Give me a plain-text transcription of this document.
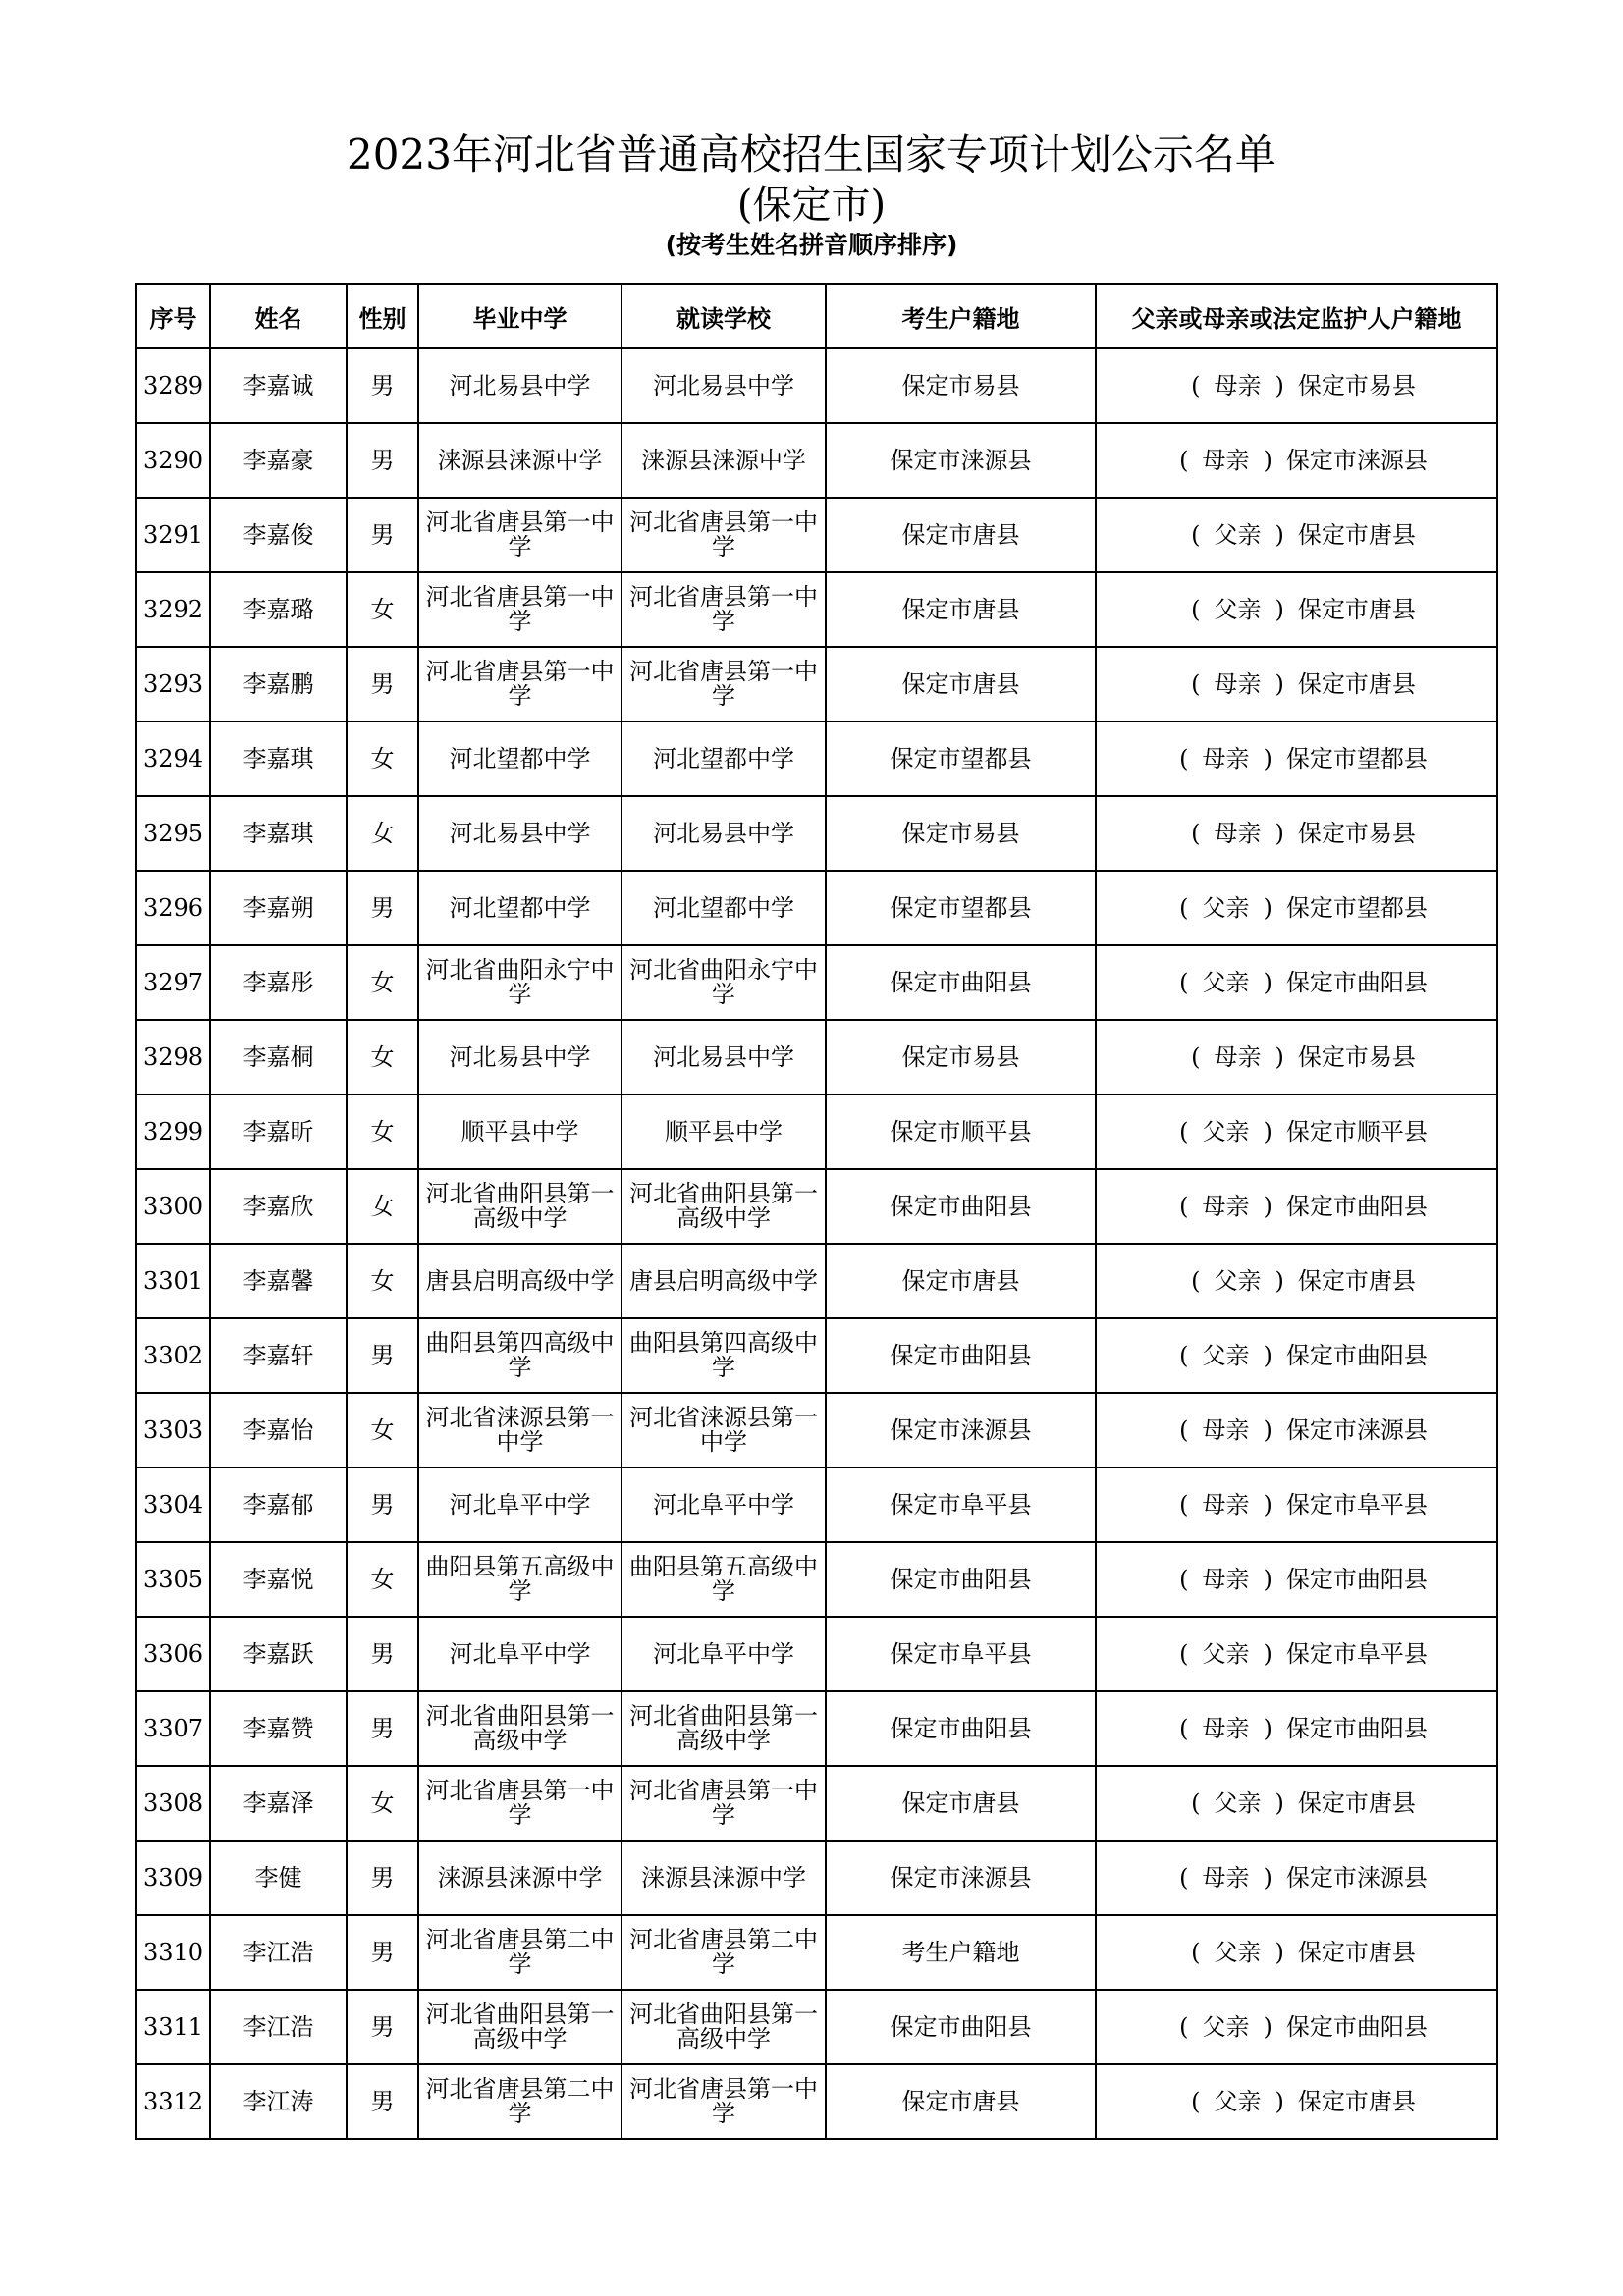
2023年河北省普通高校招生国家专项计划公示名单
(保定市)
(按考生姓名拼音顺序排序)
序号	姓名	性别	毕业中学	就读学校	考生户籍地	父亲或母亲或法定监护人户籍地
3289	李嘉诚	男	河北易县中学	河北易县中学	保定市易县	( 母亲 ) 保定市易县
3290	李嘉豪	男	涞源县涞源中学	涞源县涞源中学	保定市涞源县	( 母亲 ) 保定市涞源县
3291	李嘉俊	男	河北省唐县第一中学	河北省唐县第一中学	保定市唐县	( 父亲 ) 保定市唐县
3292	李嘉璐	女	河北省唐县第一中学	河北省唐县第一中学	保定市唐县	( 父亲 ) 保定市唐县
3293	李嘉鹏	男	河北省唐县第一中学	河北省唐县第一中学	保定市唐县	( 母亲 ) 保定市唐县
3294	李嘉琪	女	河北望都中学	河北望都中学	保定市望都县	( 母亲 ) 保定市望都县
3295	李嘉琪	女	河北易县中学	河北易县中学	保定市易县	( 母亲 ) 保定市易县
3296	李嘉朔	男	河北望都中学	河北望都中学	保定市望都县	( 父亲 ) 保定市望都县
3297	李嘉彤	女	河北省曲阳永宁中学	河北省曲阳永宁中学	保定市曲阳县	( 父亲 ) 保定市曲阳县
3298	李嘉桐	女	河北易县中学	河北易县中学	保定市易县	( 母亲 ) 保定市易县
3299	李嘉昕	女	顺平县中学	顺平县中学	保定市顺平县	( 父亲 ) 保定市顺平县
3300	李嘉欣	女	河北省曲阳县第一高级中学	河北省曲阳县第一高级中学	保定市曲阳县	( 母亲 ) 保定市曲阳县
3301	李嘉馨	女	唐县启明高级中学	唐县启明高级中学	保定市唐县	( 父亲 ) 保定市唐县
3302	李嘉轩	男	曲阳县第四高级中学	曲阳县第四高级中学	保定市曲阳县	( 父亲 ) 保定市曲阳县
3303	李嘉怡	女	河北省涞源县第一中学	河北省涞源县第一中学	保定市涞源县	( 母亲 ) 保定市涞源县
3304	李嘉郁	男	河北阜平中学	河北阜平中学	保定市阜平县	( 母亲 ) 保定市阜平县
3305	李嘉悦	女	曲阳县第五高级中学	曲阳县第五高级中学	保定市曲阳县	( 母亲 ) 保定市曲阳县
3306	李嘉跃	男	河北阜平中学	河北阜平中学	保定市阜平县	( 父亲 ) 保定市阜平县
3307	李嘉赞	男	河北省曲阳县第一高级中学	河北省曲阳县第一高级中学	保定市曲阳县	( 母亲 ) 保定市曲阳县
3308	李嘉泽	女	河北省唐县第一中学	河北省唐县第一中学	保定市唐县	( 父亲 ) 保定市唐县
3309	李健	男	涞源县涞源中学	涞源县涞源中学	保定市涞源县	( 母亲 ) 保定市涞源县
3310	李江浩	男	河北省唐县第二中学	河北省唐县第二中学	考生户籍地	( 父亲 ) 保定市唐县
3311	李江浩	男	河北省曲阳县第一高级中学	河北省曲阳县第一高级中学	保定市曲阳县	( 父亲 ) 保定市曲阳县
3312	李江涛	男	河北省唐县第二中学	河北省唐县第一中学	保定市唐县	( 父亲 ) 保定市唐县
